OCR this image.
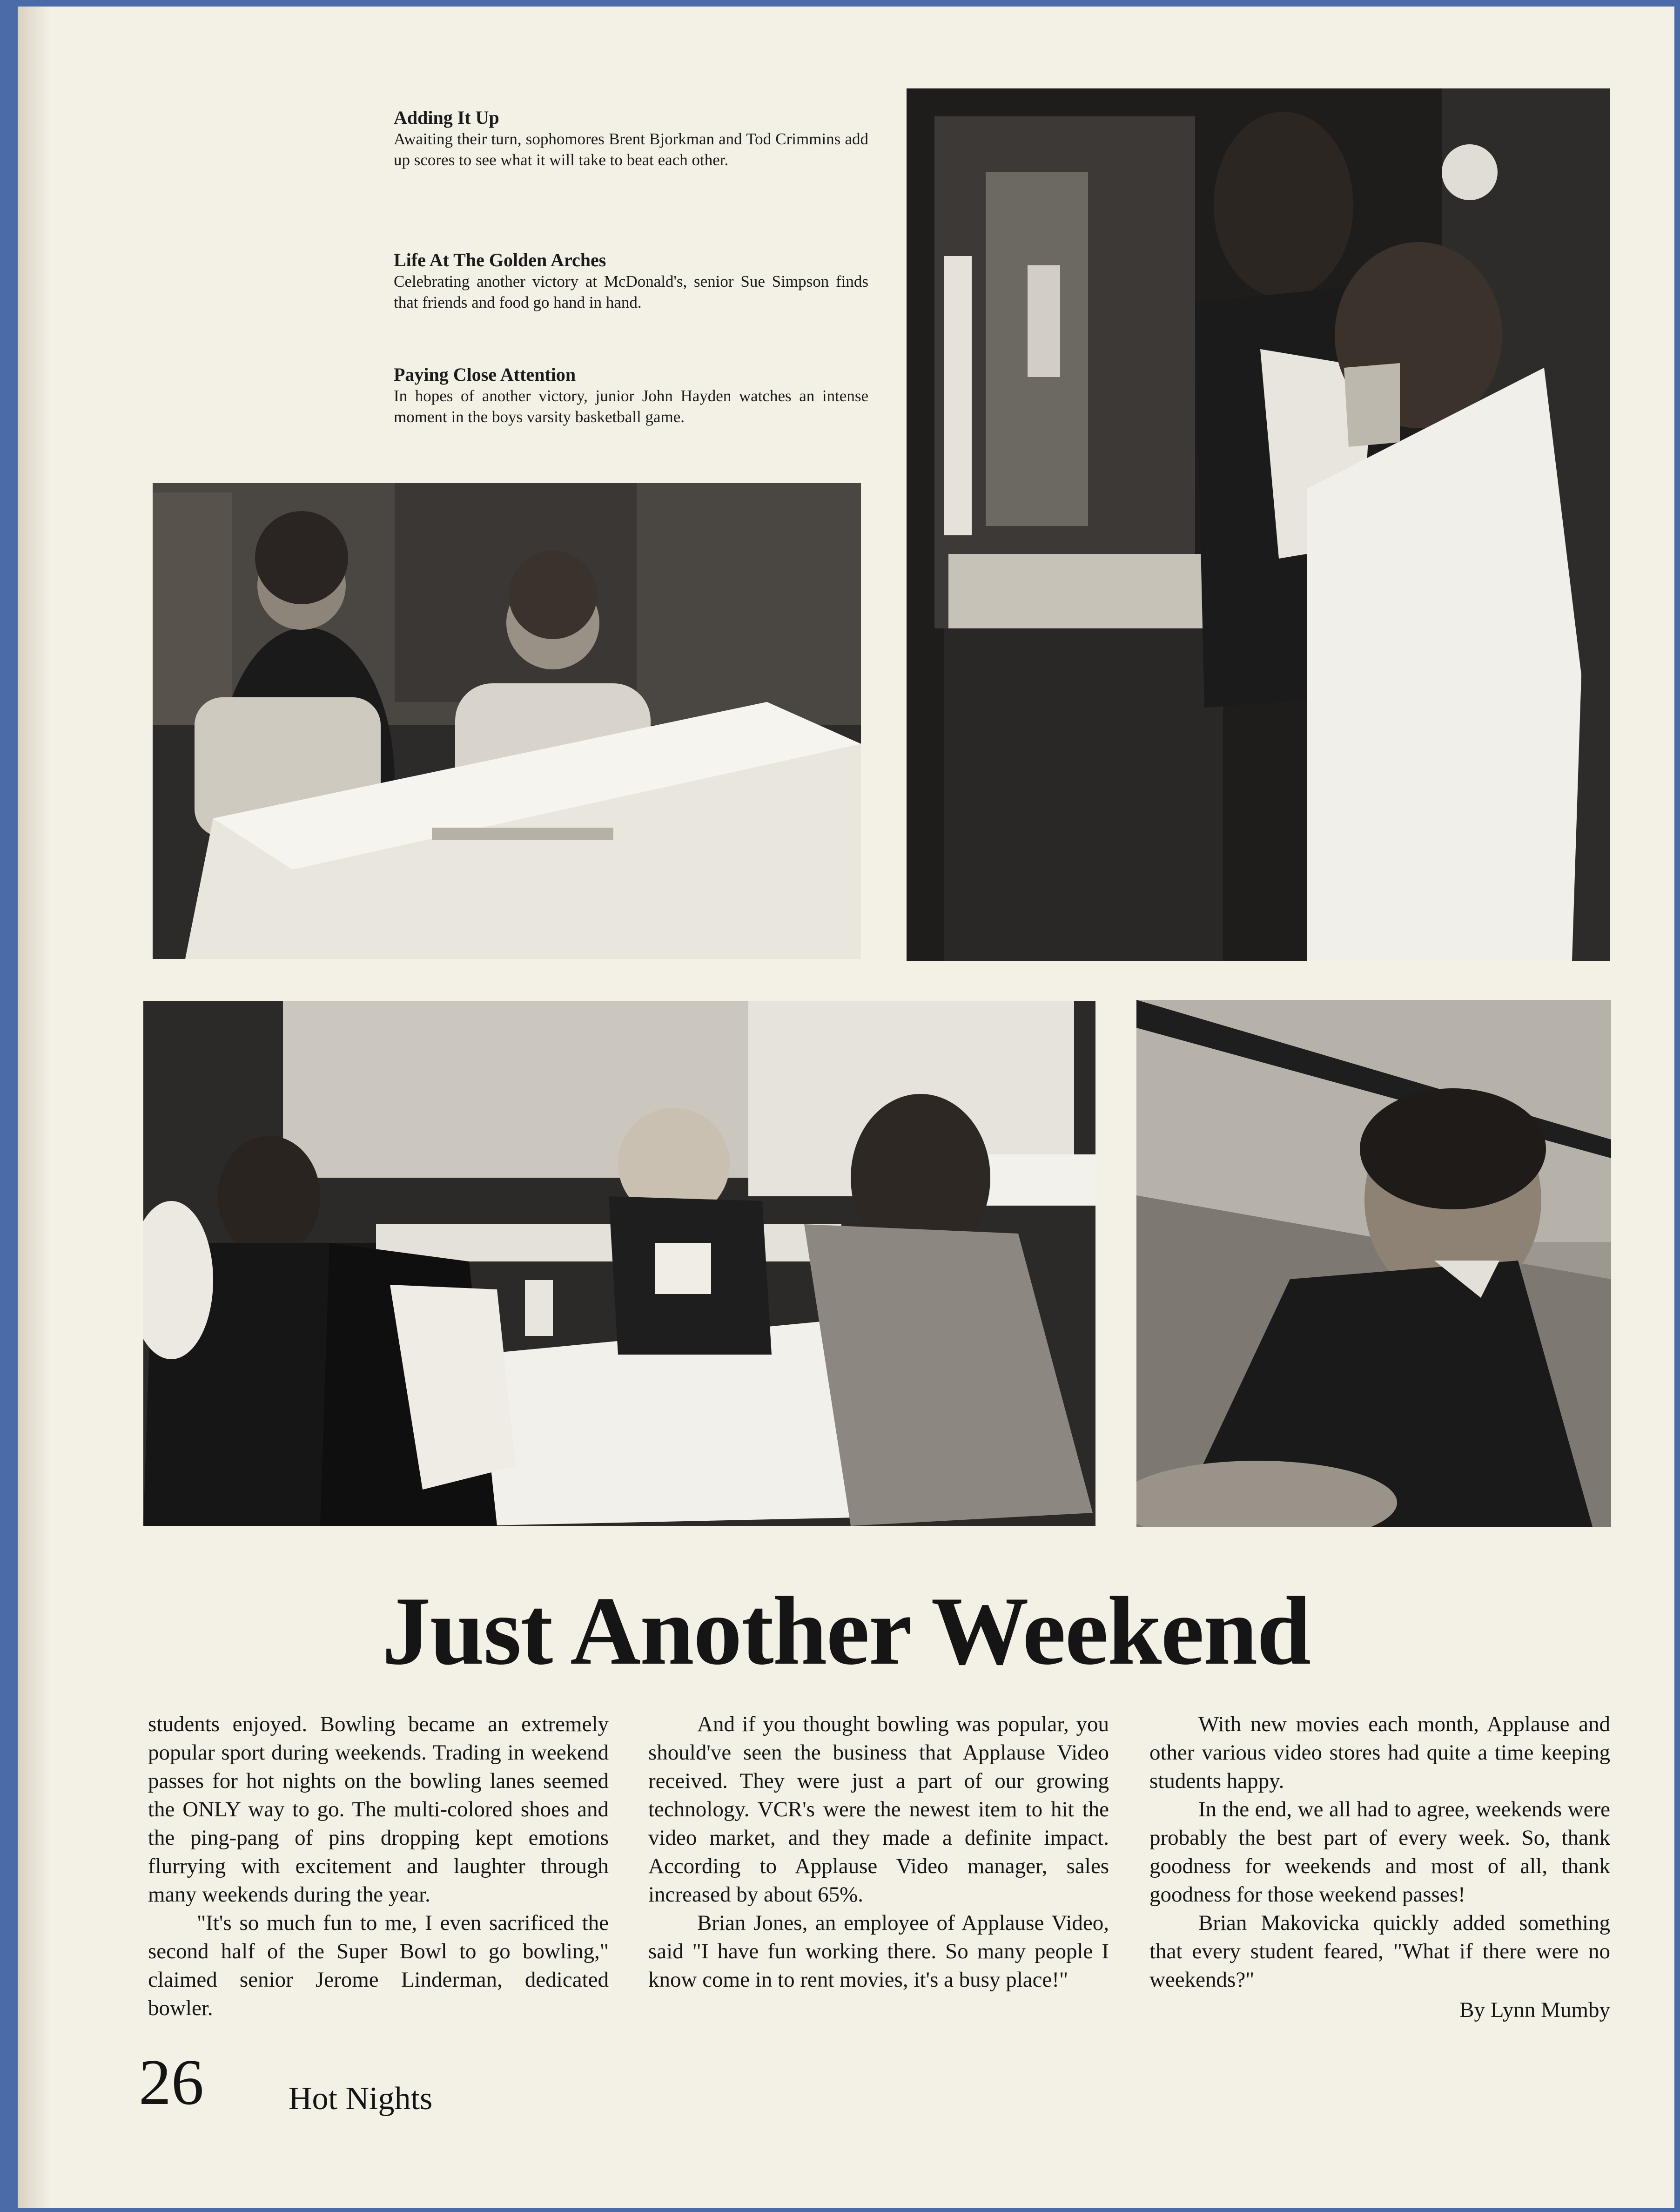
Adding It Up
Awaiting their turn, sophomores Brent Bjorkman and Tod Crimmins add up scores to see what it will take to beat each other.
Life At The Golden Arches
Celebrating another victory at McDonald's, senior Sue Simpson finds that friends and food go hand in hand.
Paying Close Attention
In hopes of another victory, junior John Hayden watches an intense moment in the boys varsity basketball game.
Just Another Weekend

students enjoyed. Bowling became an extremely popular sport during weekends. Trading in weekend passes for hot nights on the bowling lanes seemed the ONLY way to go. The multi-colored shoes and the ping-pang of pins dropping kept emotions flurrying with excitement and laughter through many weekends during the year.

"It's so much fun to me, I even sacrificed the second half of the Super Bowl to go bowling," claimed senior Jerome Linderman, dedicated bowler.

And if you thought bowling was popular, you should've seen the business that Applause Video received. They were just a part of our growing technology. VCR's were the newest item to hit the video market, and they made a definite impact. According to Applause Video manager, sales increased by about 65%.

Brian Jones, an employee of Applause Video, said "I have fun working there. So many people I know come in to rent movies, it's a busy place!"

With new movies each month, Applause and other various video stores had quite a time keeping students happy.

In the end, we all had to agree, weekends were probably the best part of every week. So, thank goodness for weekends and most of all, thank goodness for those weekend passes!

Brian Makovicka quickly added something that every student feared, "What if there were no weekends?"

By Lynn Mumby
26	Hot Nights
